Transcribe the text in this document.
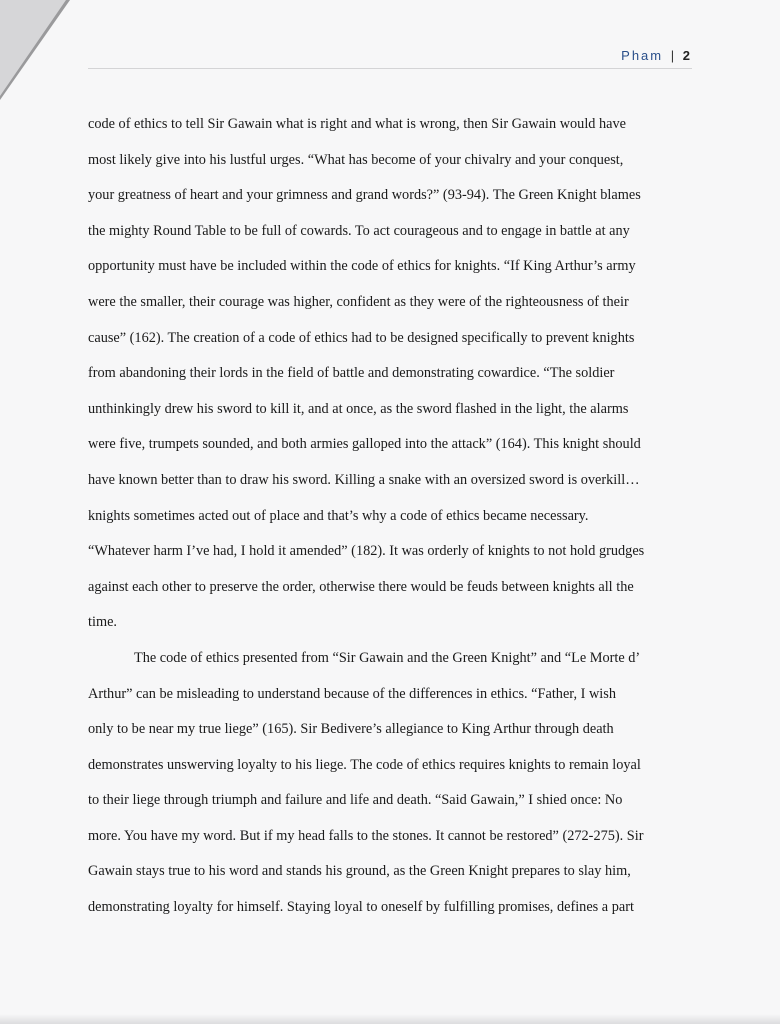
Pham | 2
code of ethics to tell Sir Gawain what is right and what is wrong, then Sir Gawain would have
most likely give into his lustful urges. “What has become of your chivalry and your conquest,
your greatness of heart and your grimness and grand words?” (93-94). The Green Knight blames
the mighty Round Table to be full of cowards. To act courageous and to engage in battle at any
opportunity must have be included within the code of ethics for knights. “If King Arthur’s army
were the smaller, their courage was higher, confident as they were of the righteousness of their
cause” (162). The creation of a code of ethics had to be designed specifically to prevent knights
from abandoning their lords in the field of battle and demonstrating cowardice. “The soldier
unthinkingly drew his sword to kill it, and at once, as the sword flashed in the light, the alarms
were five, trumpets sounded, and both armies galloped into the attack” (164). This knight should
have known better than to draw his sword. Killing a snake with an oversized sword is overkill…
knights sometimes acted out of place and that’s why a code of ethics became necessary.
“Whatever harm I’ve had, I hold it amended” (182). It was orderly of knights to not hold grudges
against each other to preserve the order, otherwise there would be feuds between knights all the
time.
The code of ethics presented from “Sir Gawain and the Green Knight” and “Le Morte d’
Arthur” can be misleading to understand because of the differences in ethics. “Father, I wish
only to be near my true liege” (165). Sir Bedivere’s allegiance to King Arthur through death
demonstrates unswerving loyalty to his liege. The code of ethics requires knights to remain loyal
to their liege through triumph and failure and life and death. “Said Gawain,” I shied once: No
more. You have my word. But if my head falls to the stones. It cannot be restored” (272-275). Sir
Gawain stays true to his word and stands his ground, as the Green Knight prepares to slay him,
demonstrating loyalty for himself. Staying loyal to oneself by fulfilling promises, defines a part
